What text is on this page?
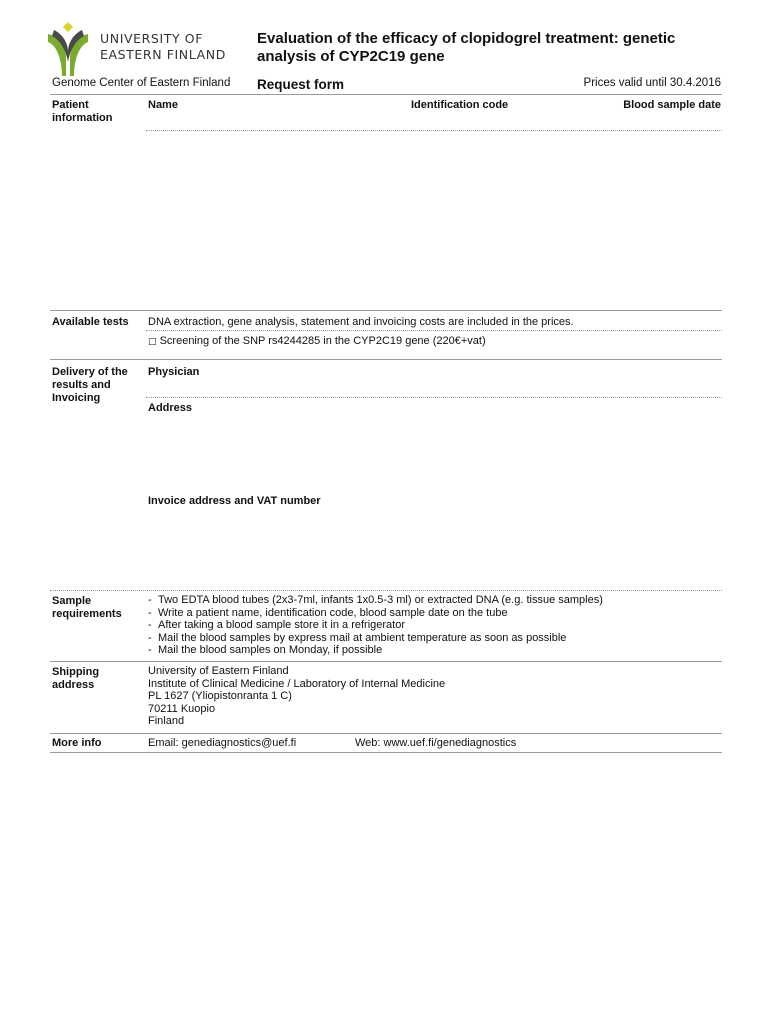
UNIVERSITY OF
EASTERN FINLAND
Evaluation of the efficacy of clopidogrel treatment: genetic
analysis of CYP2C19 gene
Genome Center of Eastern Finland Request form	Prices valid until 30.4.2016
Patient information
Name	Identification code	Blood sample date
Available tests DNA extraction, gene analysis, statement and invoicing costs are included in the prices.
□ Screening of the SNP rs4244285 in the CYP2C19 gene (220€+vat)
Delivery of the results and Invoicing
Physician
Address
Invoice address and VAT number
Sample requirements
- Two EDTA blood tubes (2x3-7ml, infants 1x0.5-3 ml) or extracted DNA (e.g. tissue samples)
- Write a patient name, identification code, blood sample date on the tube
- After taking a blood sample store it in a refrigerator
- Mail the blood samples by express mail at ambient temperature as soon as possible
- Mail the blood samples on Monday, if possible
Shipping address
University of Eastern Finland
Institute of Clinical Medicine / Laboratory of Internal Medicine
PL 1627 (Yliopistonranta 1 C)
70211 Kuopio
Finland
More info	Email: genediagnostics@uef.fi	Web: www.uef.fi/genediagnostics
